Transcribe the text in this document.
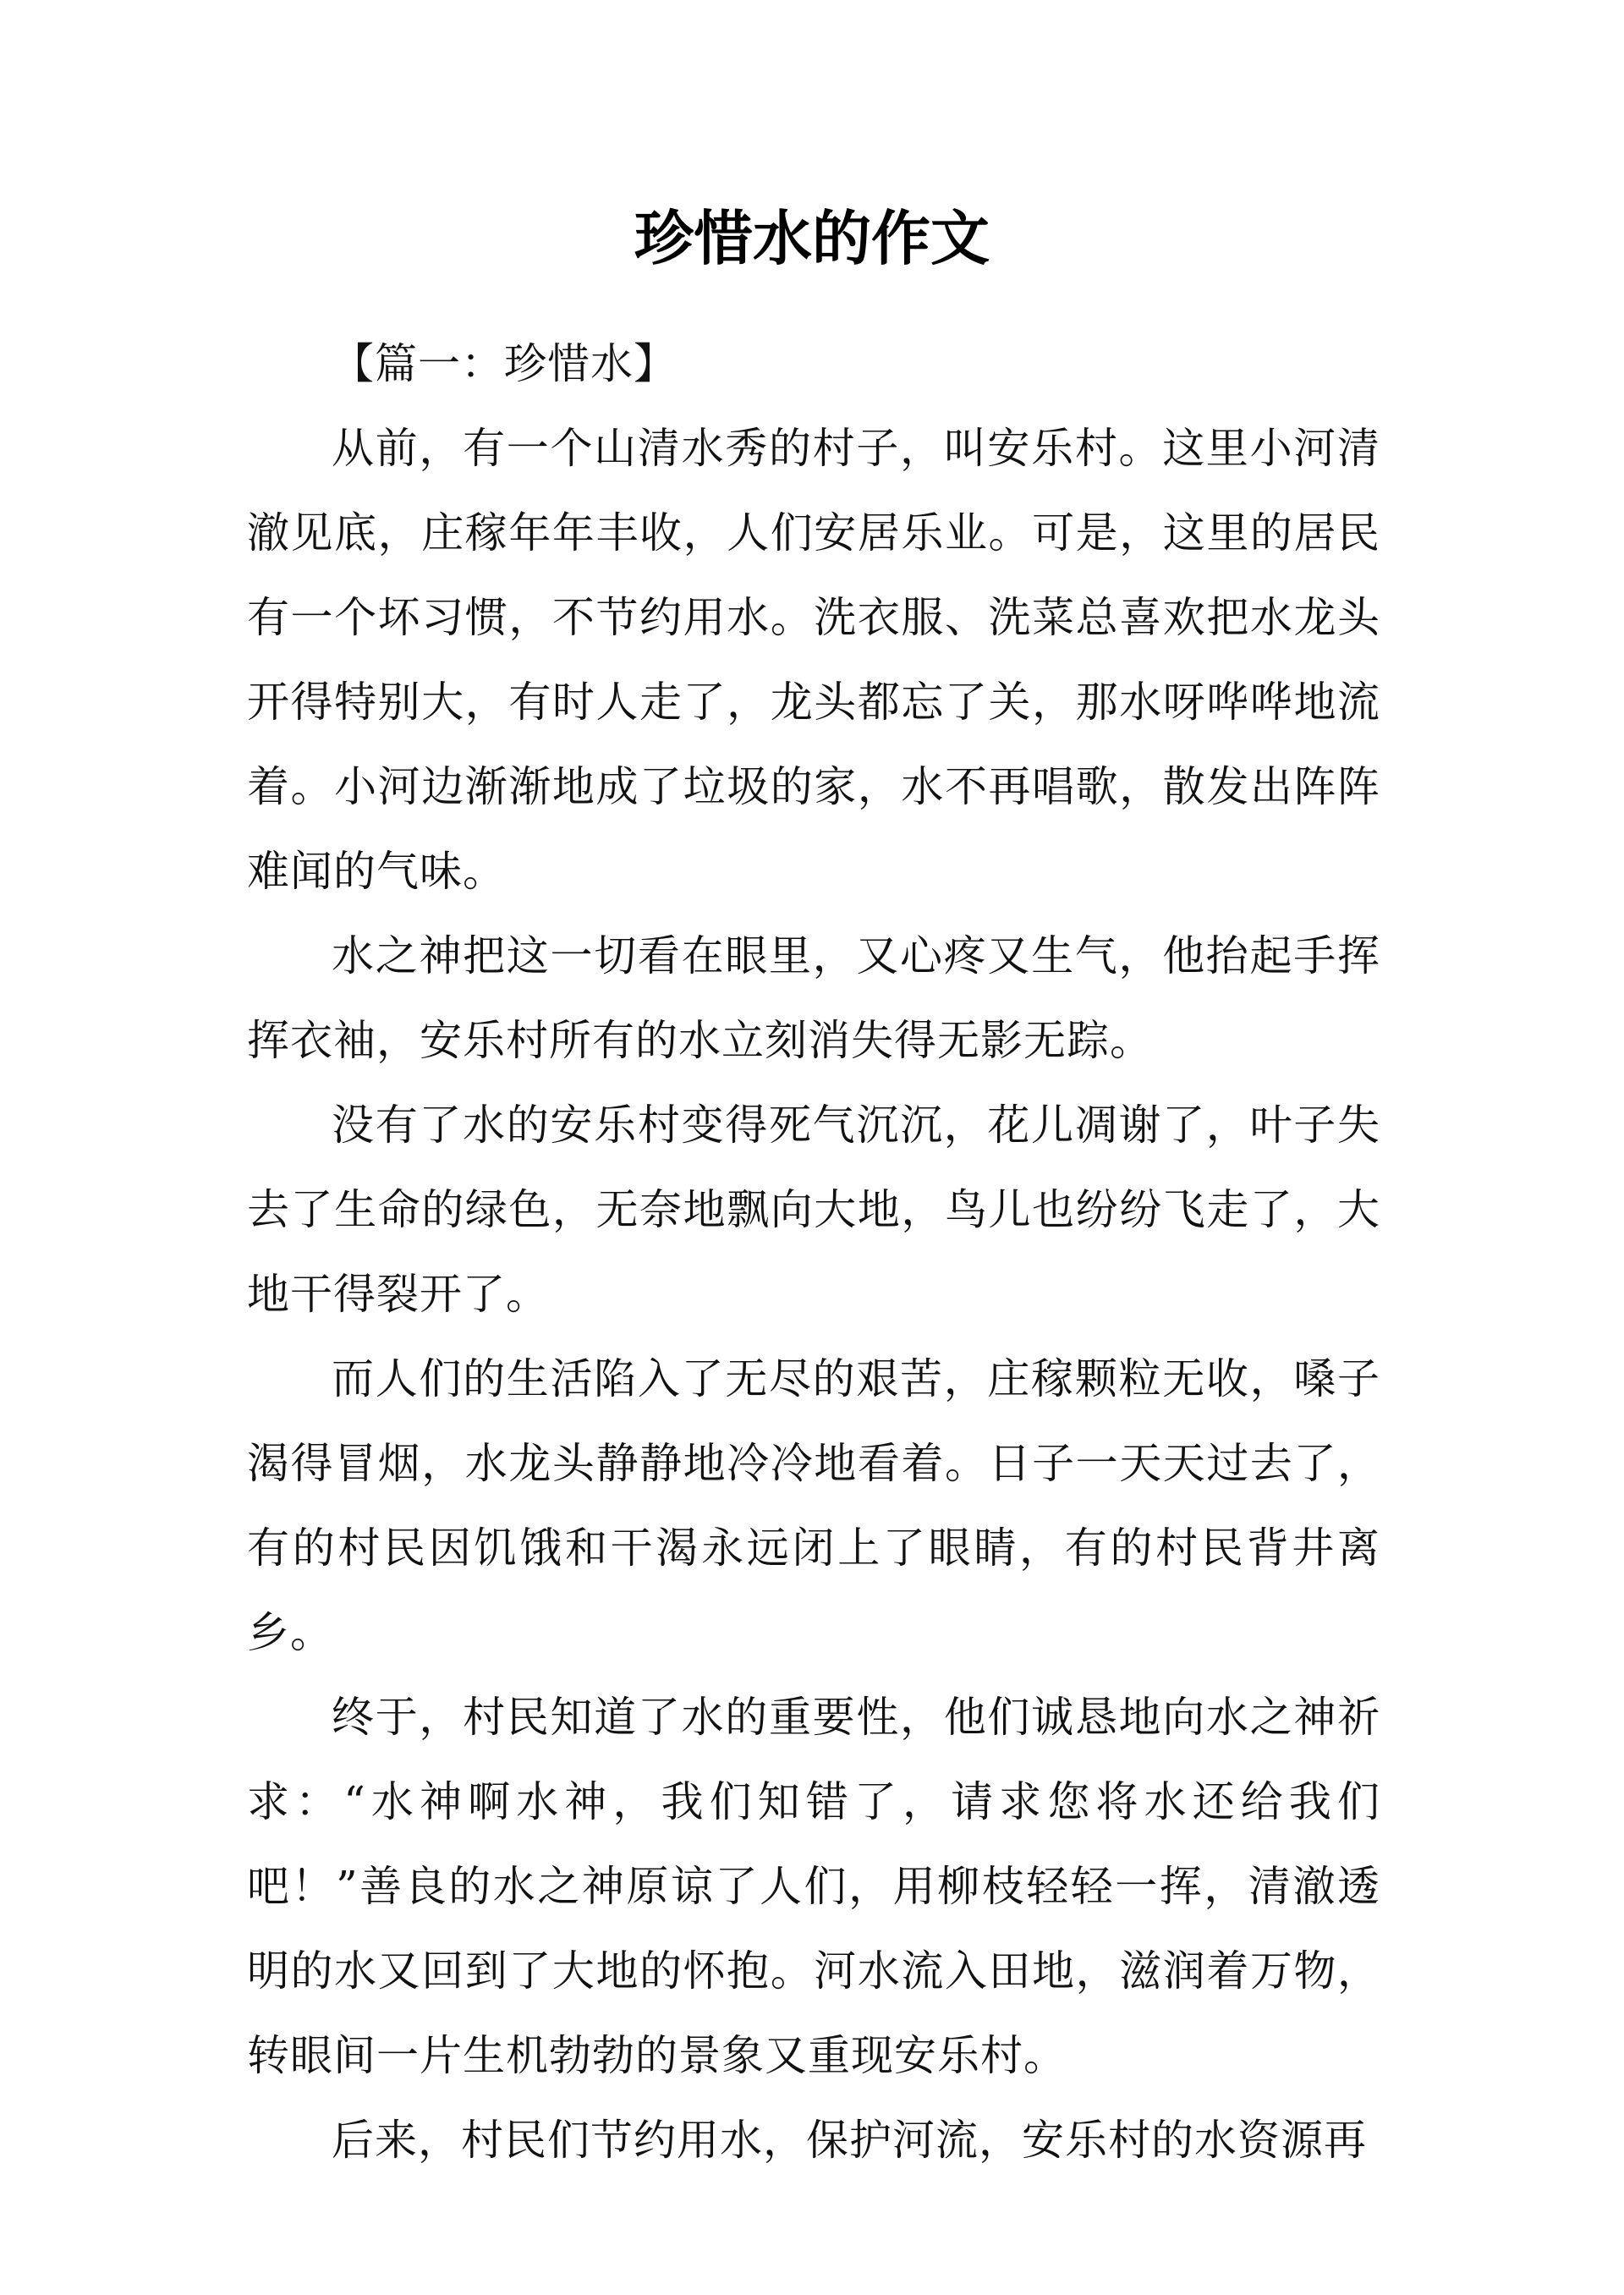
珍惜水的作文

【篇一：珍惜水】

从前，有一个山清水秀的村子，叫安乐村。这里小河清澈见底，庄稼年年丰收，人们安居乐业。可是，这里的居民有一个坏习惯，不节约用水。洗衣服、洗菜总喜欢把水龙头开得特别大，有时人走了，龙头都忘了关，那水呀哗哗地流着。小河边渐渐地成了垃圾的家，水不再唱歌，散发出阵阵难闻的气味。

水之神把这一切看在眼里，又心疼又生气，他抬起手挥挥衣袖，安乐村所有的水立刻消失得无影无踪。

没有了水的安乐村变得死气沉沉，花儿凋谢了，叶子失去了生命的绿色，无奈地飘向大地，鸟儿也纷纷飞走了，大地干得裂开了。

而人们的生活陷入了无尽的艰苦，庄稼颗粒无收，嗓子渴得冒烟，水龙头静静地冷冷地看着。日子一天天过去了，有的村民因饥饿和干渴永远闭上了眼睛，有的村民背井离乡。

终于，村民知道了水的重要性，他们诚恳地向水之神祈求：“水神啊水神，我们知错了，请求您将水还给我们吧！”善良的水之神原谅了人们，用柳枝轻轻一挥，清澈透明的水又回到了大地的怀抱。河水流入田地，滋润着万物，转眼间一片生机勃勃的景象又重现安乐村。

后来，村民们节约用水，保护河流，安乐村的水资源再
